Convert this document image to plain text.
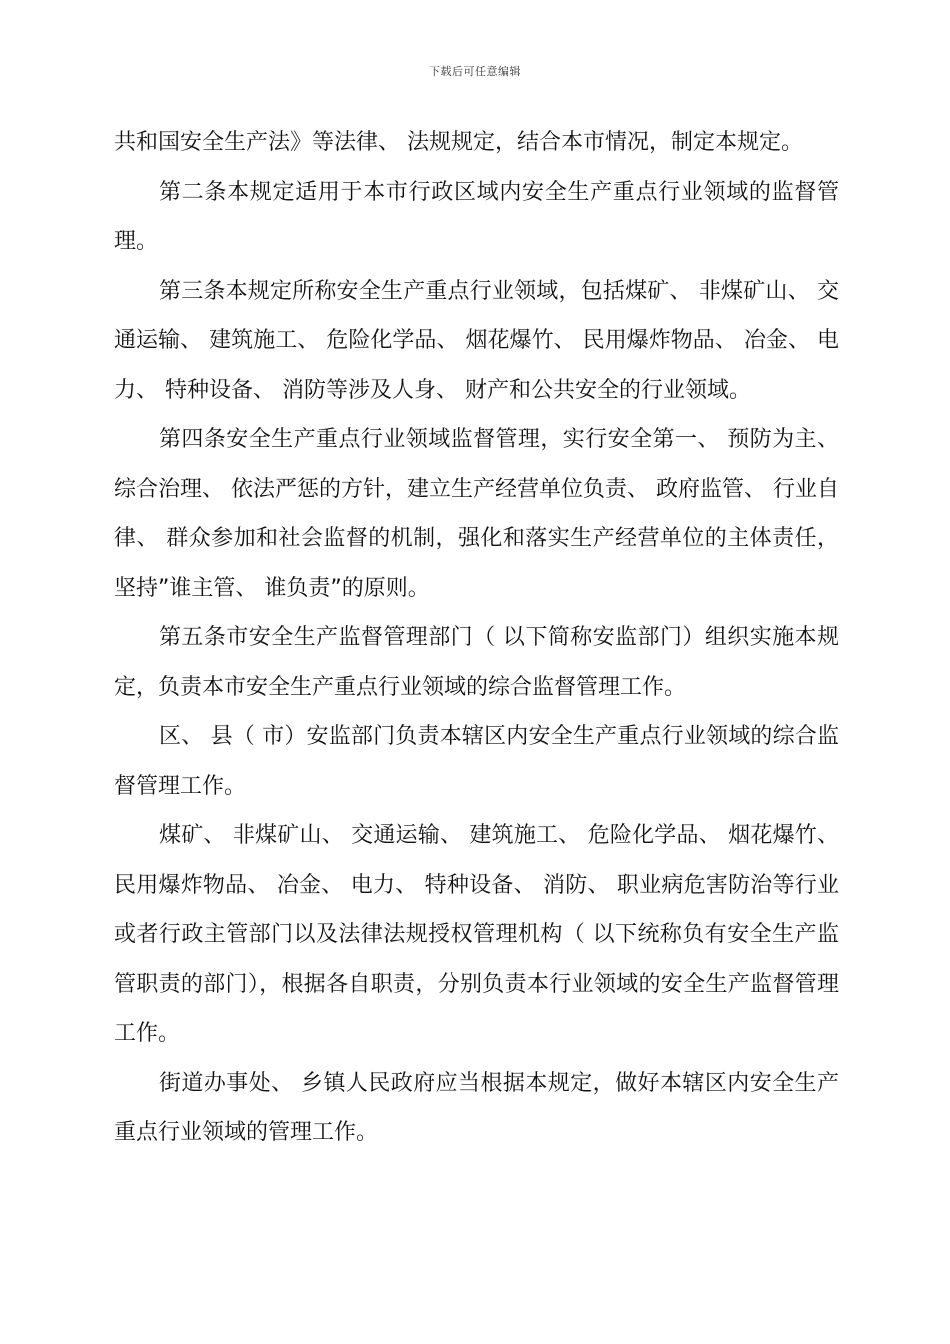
下载后可任意编辑

共和国安全生产法》等法律、 法规规定，结合本市情况，制定本规定。

第二条本规定适用于本市行政区域内安全生产重点行业领域的监督管理。

第三条本规定所称安全生产重点行业领域，包括煤矿、 非煤矿山、 交通运输、 建筑施工、 危险化学品、 烟花爆竹、 民用爆炸物品、 冶金、 电力、 特种设备、 消防等涉及人身、 财产和公共安全的行业领域。

第四条安全生产重点行业领域监督管理，实行安全第一、 预防为主、 综合治理、 依法严惩的方针，建立生产经营单位负责、 政府监管、 行业自律、 群众参加和社会监督的机制，强化和落实生产经营单位的主体责任，坚持”谁主管、 谁负责”的原则。

第五条市安全生产监督管理部门（ 以下简称安监部门）组织实施本规定，负责本市安全生产重点行业领域的综合监督管理工作。

区、 县（ 市）安监部门负责本辖区内安全生产重点行业领域的综合监督管理工作。

煤矿、 非煤矿山、 交通运输、 建筑施工、 危险化学品、 烟花爆竹、 民用爆炸物品、 冶金、 电力、 特种设备、 消防、 职业病危害防治等行业或者行政主管部门以及法律法规授权管理机构（ 以下统称负有安全生产监管职责的部门），根据各自职责，分别负责本行业领域的安全生产监督管理工作。

街道办事处、 乡镇人民政府应当根据本规定，做好本辖区内安全生产重点行业领域的管理工作。
